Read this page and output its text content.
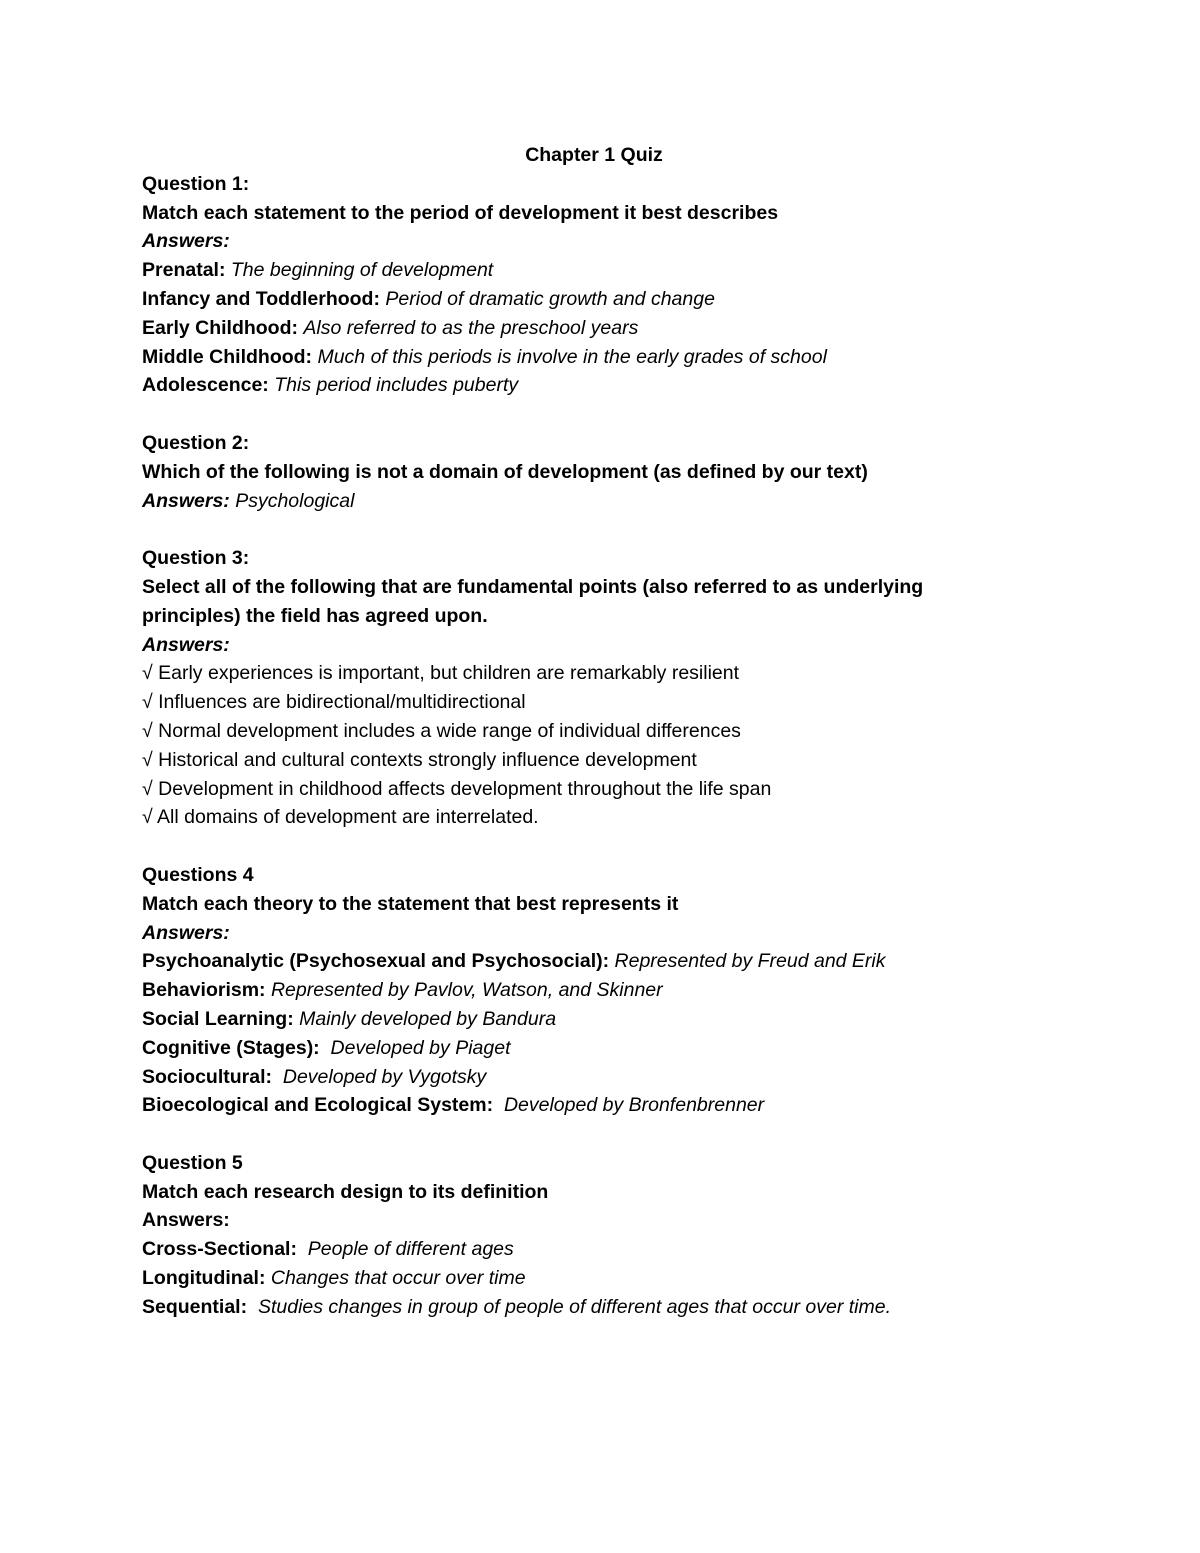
Chapter 1 Quiz
Question 1:
Match each statement to the period of development it best describes
Answers:
Prenatal: The beginning of development
Infancy and Toddlerhood: Period of dramatic growth and change
Early Childhood: Also referred to as the preschool years
Middle Childhood: Much of this periods is involve in the early grades of school
Adolescence: This period includes puberty
Question 2:
Which of the following is not a domain of development (as defined by our text)
Answers: Psychological
Question 3:
Select all of the following that are fundamental points (also referred to as underlying principles) the field has agreed upon.
Answers:
√ Early experiences is important, but children are remarkably resilient
√ Influences are bidirectional/multidirectional
√ Normal development includes a wide range of individual differences
√ Historical and cultural contexts strongly influence development
√ Development in childhood affects development throughout the life span
√ All domains of development are interrelated.
Questions 4
Match each theory to the statement that best represents it
Answers:
Psychoanalytic (Psychosexual and Psychosocial): Represented by Freud and Erik
Behaviorism: Represented by Pavlov, Watson, and Skinner
Social Learning: Mainly developed by Bandura
Cognitive (Stages): Developed by Piaget
Sociocultural: Developed by Vygotsky
Bioecological and Ecological System: Developed by Bronfenbrenner
Question 5
Match each research design to its definition
Answers:
Cross-Sectional: People of different ages
Longitudinal: Changes that occur over time
Sequential: Studies changes in group of people of different ages that occur over time.
